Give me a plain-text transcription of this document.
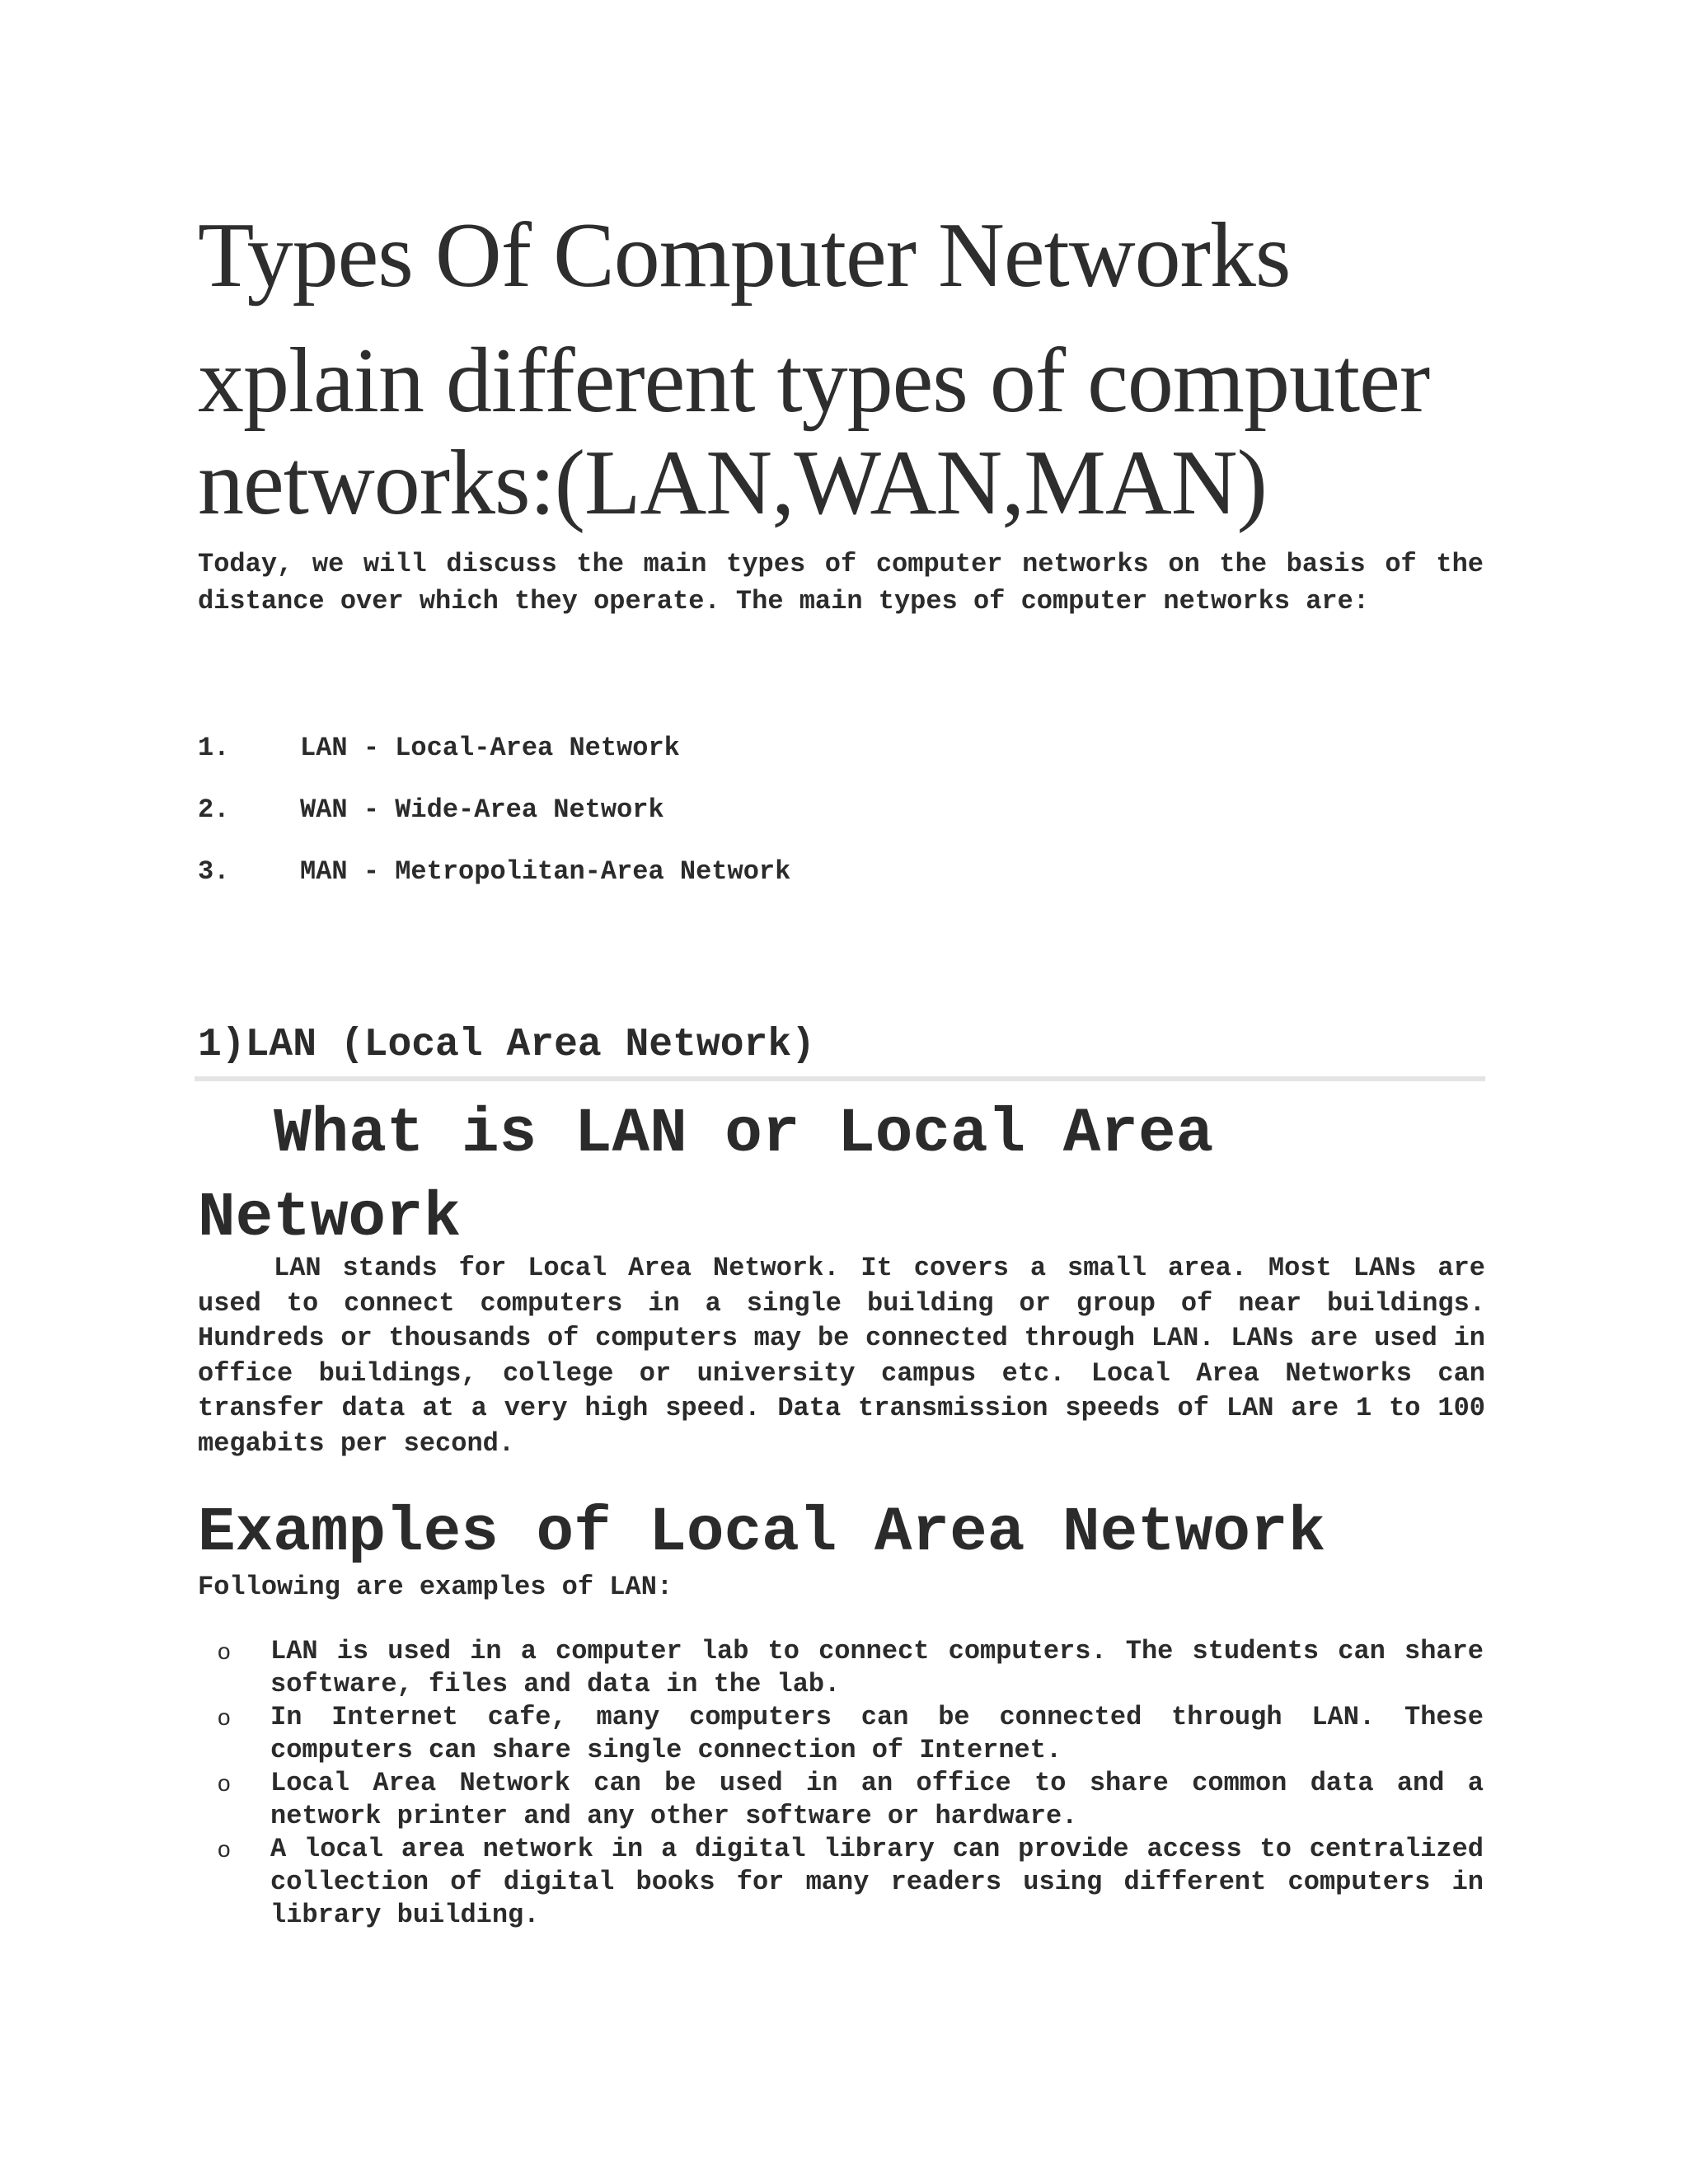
Types Of Computer Networks
xplain different types of computer networks:(LAN,WAN,MAN)

Today, we will discuss the main types of computer networks on the basis of the distance over which they operate. The main types of computer networks are:

1.	LAN - Local-Area Network
2.	WAN - Wide-Area Network
3.	MAN - Metropolitan-Area Network
1)LAN (Local Area Network)
What is LAN or Local Area Network

LAN stands for Local Area Network. It covers a small area. Most LANs are used to connect computers in a single building or group of near buildings. Hundreds or thousands of computers may be connected through LAN. LANs are used in office buildings, college or university campus etc. Local Area Networks can transfer data at a very high speed. Data transmission speeds of LAN are 1 to 100 megabits per second.

Examples of Local Area Network

Following are examples of LAN:

o LAN is used in a computer lab to connect computers. The students can share software, files and data in the lab.
o In Internet cafe, many computers can be connected through LAN. These computers can share single connection of Internet.
o Local Area Network can be used in an office to share common data and a network printer and any other software or hardware.
o A local area network in a digital library can provide access to centralized collection of digital books for many readers using different computers in library building.
